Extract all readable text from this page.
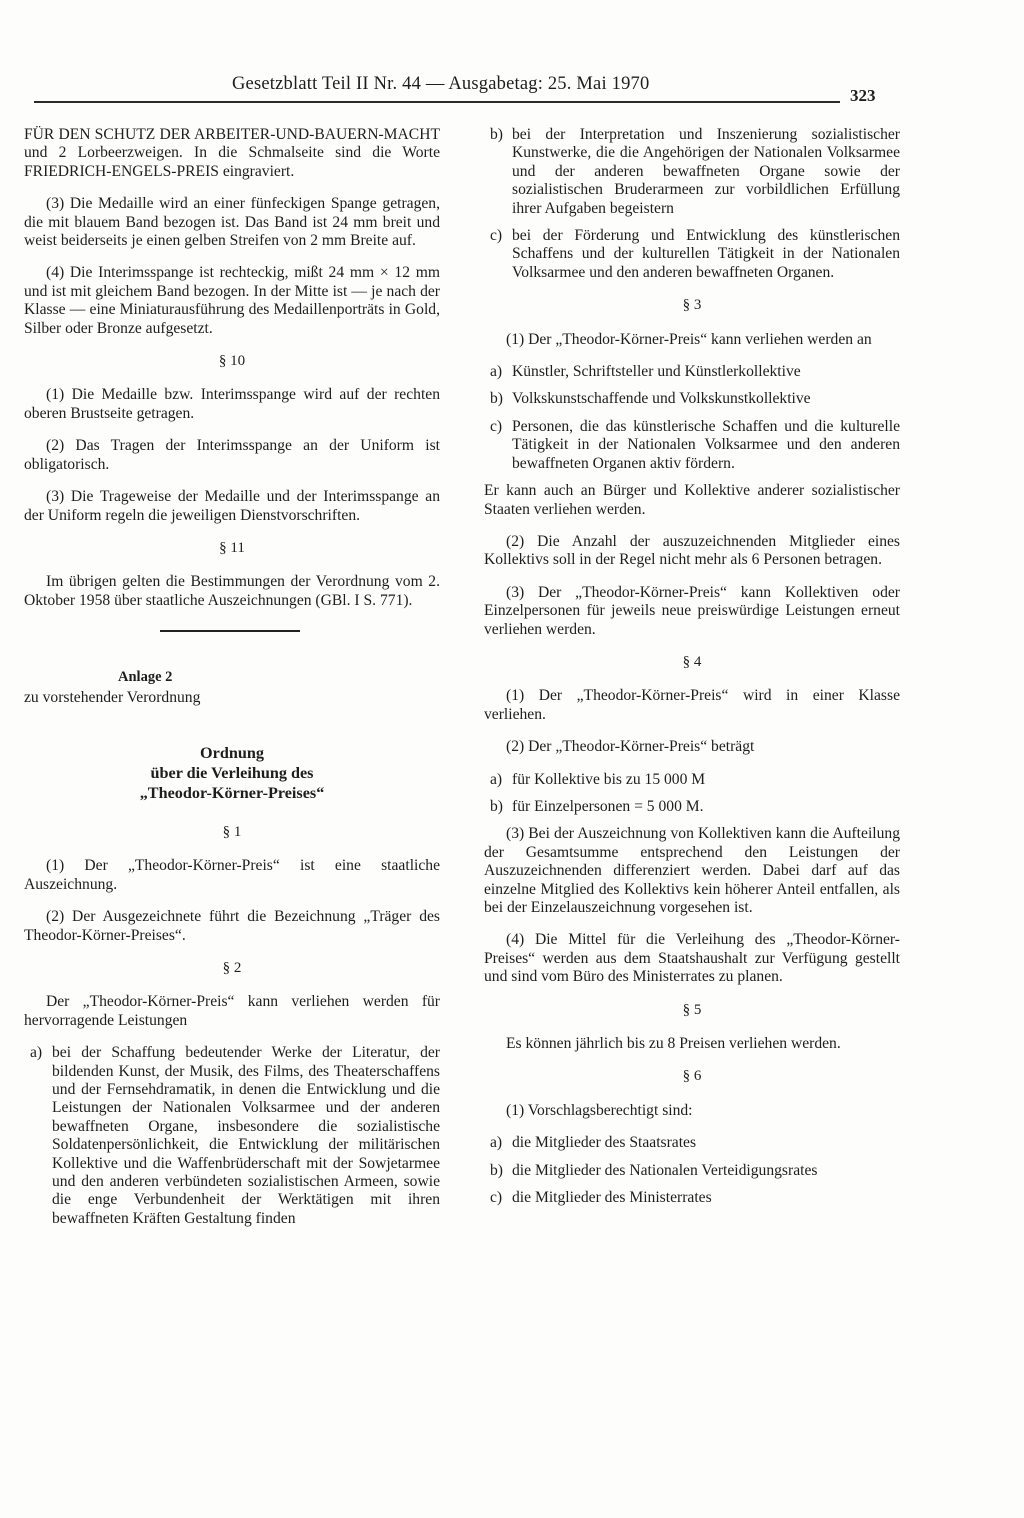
Gesetzblatt Teil II Nr. 44 — Ausgabetag: 25. Mai 1970
323

FÜR DEN SCHUTZ DER ARBEITER-UND-BAUERN-MACHT und 2 Lorbeerzweigen. In die Schmalseite sind die Worte FRIEDRICH-ENGELS-PREIS eingraviert.

(3) Die Medaille wird an einer fünfeckigen Spange getragen, die mit blauem Band bezogen ist. Das Band ist 24 mm breit und weist beiderseits je einen gelben Streifen von 2 mm Breite auf.

(4) Die Interimsspange ist rechteckig, mißt 24 mm × 12 mm und ist mit gleichem Band bezogen. In der Mitte ist — je nach der Klasse — eine Miniaturausführung des Medaillenporträts in Gold, Silber oder Bronze aufgesetzt.

§ 10

(1) Die Medaille bzw. Interimsspange wird auf der rechten oberen Brustseite getragen.

(2) Das Tragen der Interimsspange an der Uniform ist obligatorisch.

(3) Die Trageweise der Medaille und der Interimsspange an der Uniform regeln die jeweiligen Dienstvorschriften.

§ 11

Im übrigen gelten die Bestimmungen der Verordnung vom 2. Oktober 1958 über staatliche Auszeichnungen (GBl. I S. 771).

Anlage 2
zu vorstehender Verordnung
Ordnung
über die Verleihung des
„Theodor-Körner-Preises“
§ 1

(1) Der „Theodor-Körner-Preis“ ist eine staatliche Auszeichnung.

(2) Der Ausgezeichnete führt die Bezeichnung „Träger des Theodor-Körner-Preises“.

§ 2

Der „Theodor-Körner-Preis“ kann verliehen werden für hervorragende Leistungen

a) bei der Schaffung bedeutender Werke der Literatur, der bildenden Kunst, der Musik, des Films, des Theaterschaffens und der Fernsehdramatik, in denen die Entwicklung und die Leistungen der Nationalen Volksarmee und der anderen bewaffneten Organe, insbesondere die sozialistische Soldatenpersönlichkeit, die Entwicklung der militärischen Kollektive und die Waffenbrüderschaft mit der Sowjetarmee und den anderen verbündeten sozialistischen Armeen, sowie die enge Verbundenheit der Werktätigen mit ihren bewaffneten Kräften Gestaltung finden
b) bei der Interpretation und Inszenierung sozialistischer Kunstwerke, die die Angehörigen der Nationalen Volksarmee und der anderen bewaffneten Organe sowie der sozialistischen Bruderarmeen zur vorbildlichen Erfüllung ihrer Aufgaben begeistern
c) bei der Förderung und Entwicklung des künstlerischen Schaffens und der kulturellen Tätigkeit in der Nationalen Volksarmee und den anderen bewaffneten Organen.
§ 3

(1) Der „Theodor-Körner-Preis“ kann verliehen werden an

a) Künstler, Schriftsteller und Künstlerkollektive
b) Volkskunstschaffende und Volkskunstkollektive
c) Personen, die das künstlerische Schaffen und die kulturelle Tätigkeit in der Nationalen Volksarmee und den anderen bewaffneten Organen aktiv fördern.

Er kann auch an Bürger und Kollektive anderer sozialistischer Staaten verliehen werden.

(2) Die Anzahl der auszuzeichnenden Mitglieder eines Kollektivs soll in der Regel nicht mehr als 6 Personen betragen.

(3) Der „Theodor-Körner-Preis“ kann Kollektiven oder Einzelpersonen für jeweils neue preiswürdige Leistungen erneut verliehen werden.

§ 4

(1) Der „Theodor-Körner-Preis“ wird in einer Klasse verliehen.

(2) Der „Theodor-Körner-Preis“ beträgt

a) für Kollektive bis zu 15 000 M
b) für Einzelpersonen = 5 000 M.

(3) Bei der Auszeichnung von Kollektiven kann die Aufteilung der Gesamtsumme entsprechend den Leistungen der Auszuzeichnenden differenziert werden. Dabei darf auf das einzelne Mitglied des Kollektivs kein höherer Anteil entfallen, als bei der Einzelauszeichnung vorgesehen ist.

(4) Die Mittel für die Verleihung des „Theodor-Körner-Preises“ werden aus dem Staatshaushalt zur Verfügung gestellt und sind vom Büro des Ministerrates zu planen.

§ 5

Es können jährlich bis zu 8 Preisen verliehen werden.

§ 6

(1) Vorschlagsberechtigt sind:

a) die Mitglieder des Staatsrates
b) die Mitglieder des Nationalen Verteidigungsrates
c) die Mitglieder des Ministerrates
